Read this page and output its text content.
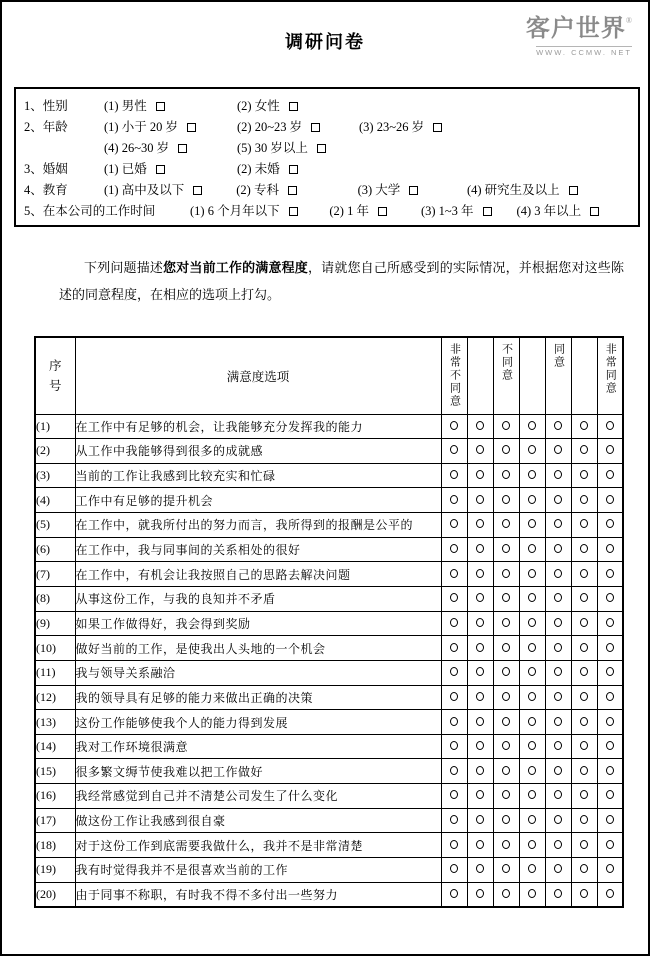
调研问卷	客户世界®
WWW. CCMW. NET
1、性别	(1) 男性	(2) 女性
2、年龄	(1) 小于 20 岁	(2) 20~23 岁	(3) 23~26 岁
(4) 26~30 岁	(5) 30 岁以上
3、婚姻	(1) 已婚	(2) 未婚
4、教育	(1) 高中及以下	(2) 专科	(3) 大学	(4) 研究生及以上
5、在本公司的工作时间	(1) 6 个月年以下	(2) 1 年	(3) 1~3 年	(4) 3 年以上

下列问题描述您对当前工作的满意程度，请就您自己所感受到的实际情况，并根据您对这些陈述的同意程度，在相应的选项上打勾。

序
号	满意度选项	非常不同意		不同意		同意		非常同意
(1)	在工作中有足够的机会，让我能够充分发挥我的能力							
(2)	从工作中我能够得到很多的成就感							
(3)	当前的工作让我感到比较充实和忙碌							
(4)	工作中有足够的提升机会							
(5)	在工作中，就我所付出的努力而言，我所得到的报酬是公平的							
(6)	在工作中，我与同事间的关系相处的很好							
(7)	在工作中，有机会让我按照自己的思路去解决问题							
(8)	从事这份工作，与我的良知并不矛盾							
(9)	如果工作做得好，我会得到奖励							
(10)	做好当前的工作，是使我出人头地的一个机会							
(11)	我与领导关系融洽							
(12)	我的领导具有足够的能力来做出正确的决策							
(13)	这份工作能够使我个人的能力得到发展							
(14)	我对工作环境很满意							
(15)	很多繁文缛节使我难以把工作做好							
(16)	我经常感觉到自己并不清楚公司发生了什么变化							
(17)	做这份工作让我感到很自豪							
(18)	对于这份工作到底需要我做什么，我并不是非常清楚							
(19)	我有时觉得我并不是很喜欢当前的工作							
(20)	由于同事不称职，有时我不得不多付出一些努力							
